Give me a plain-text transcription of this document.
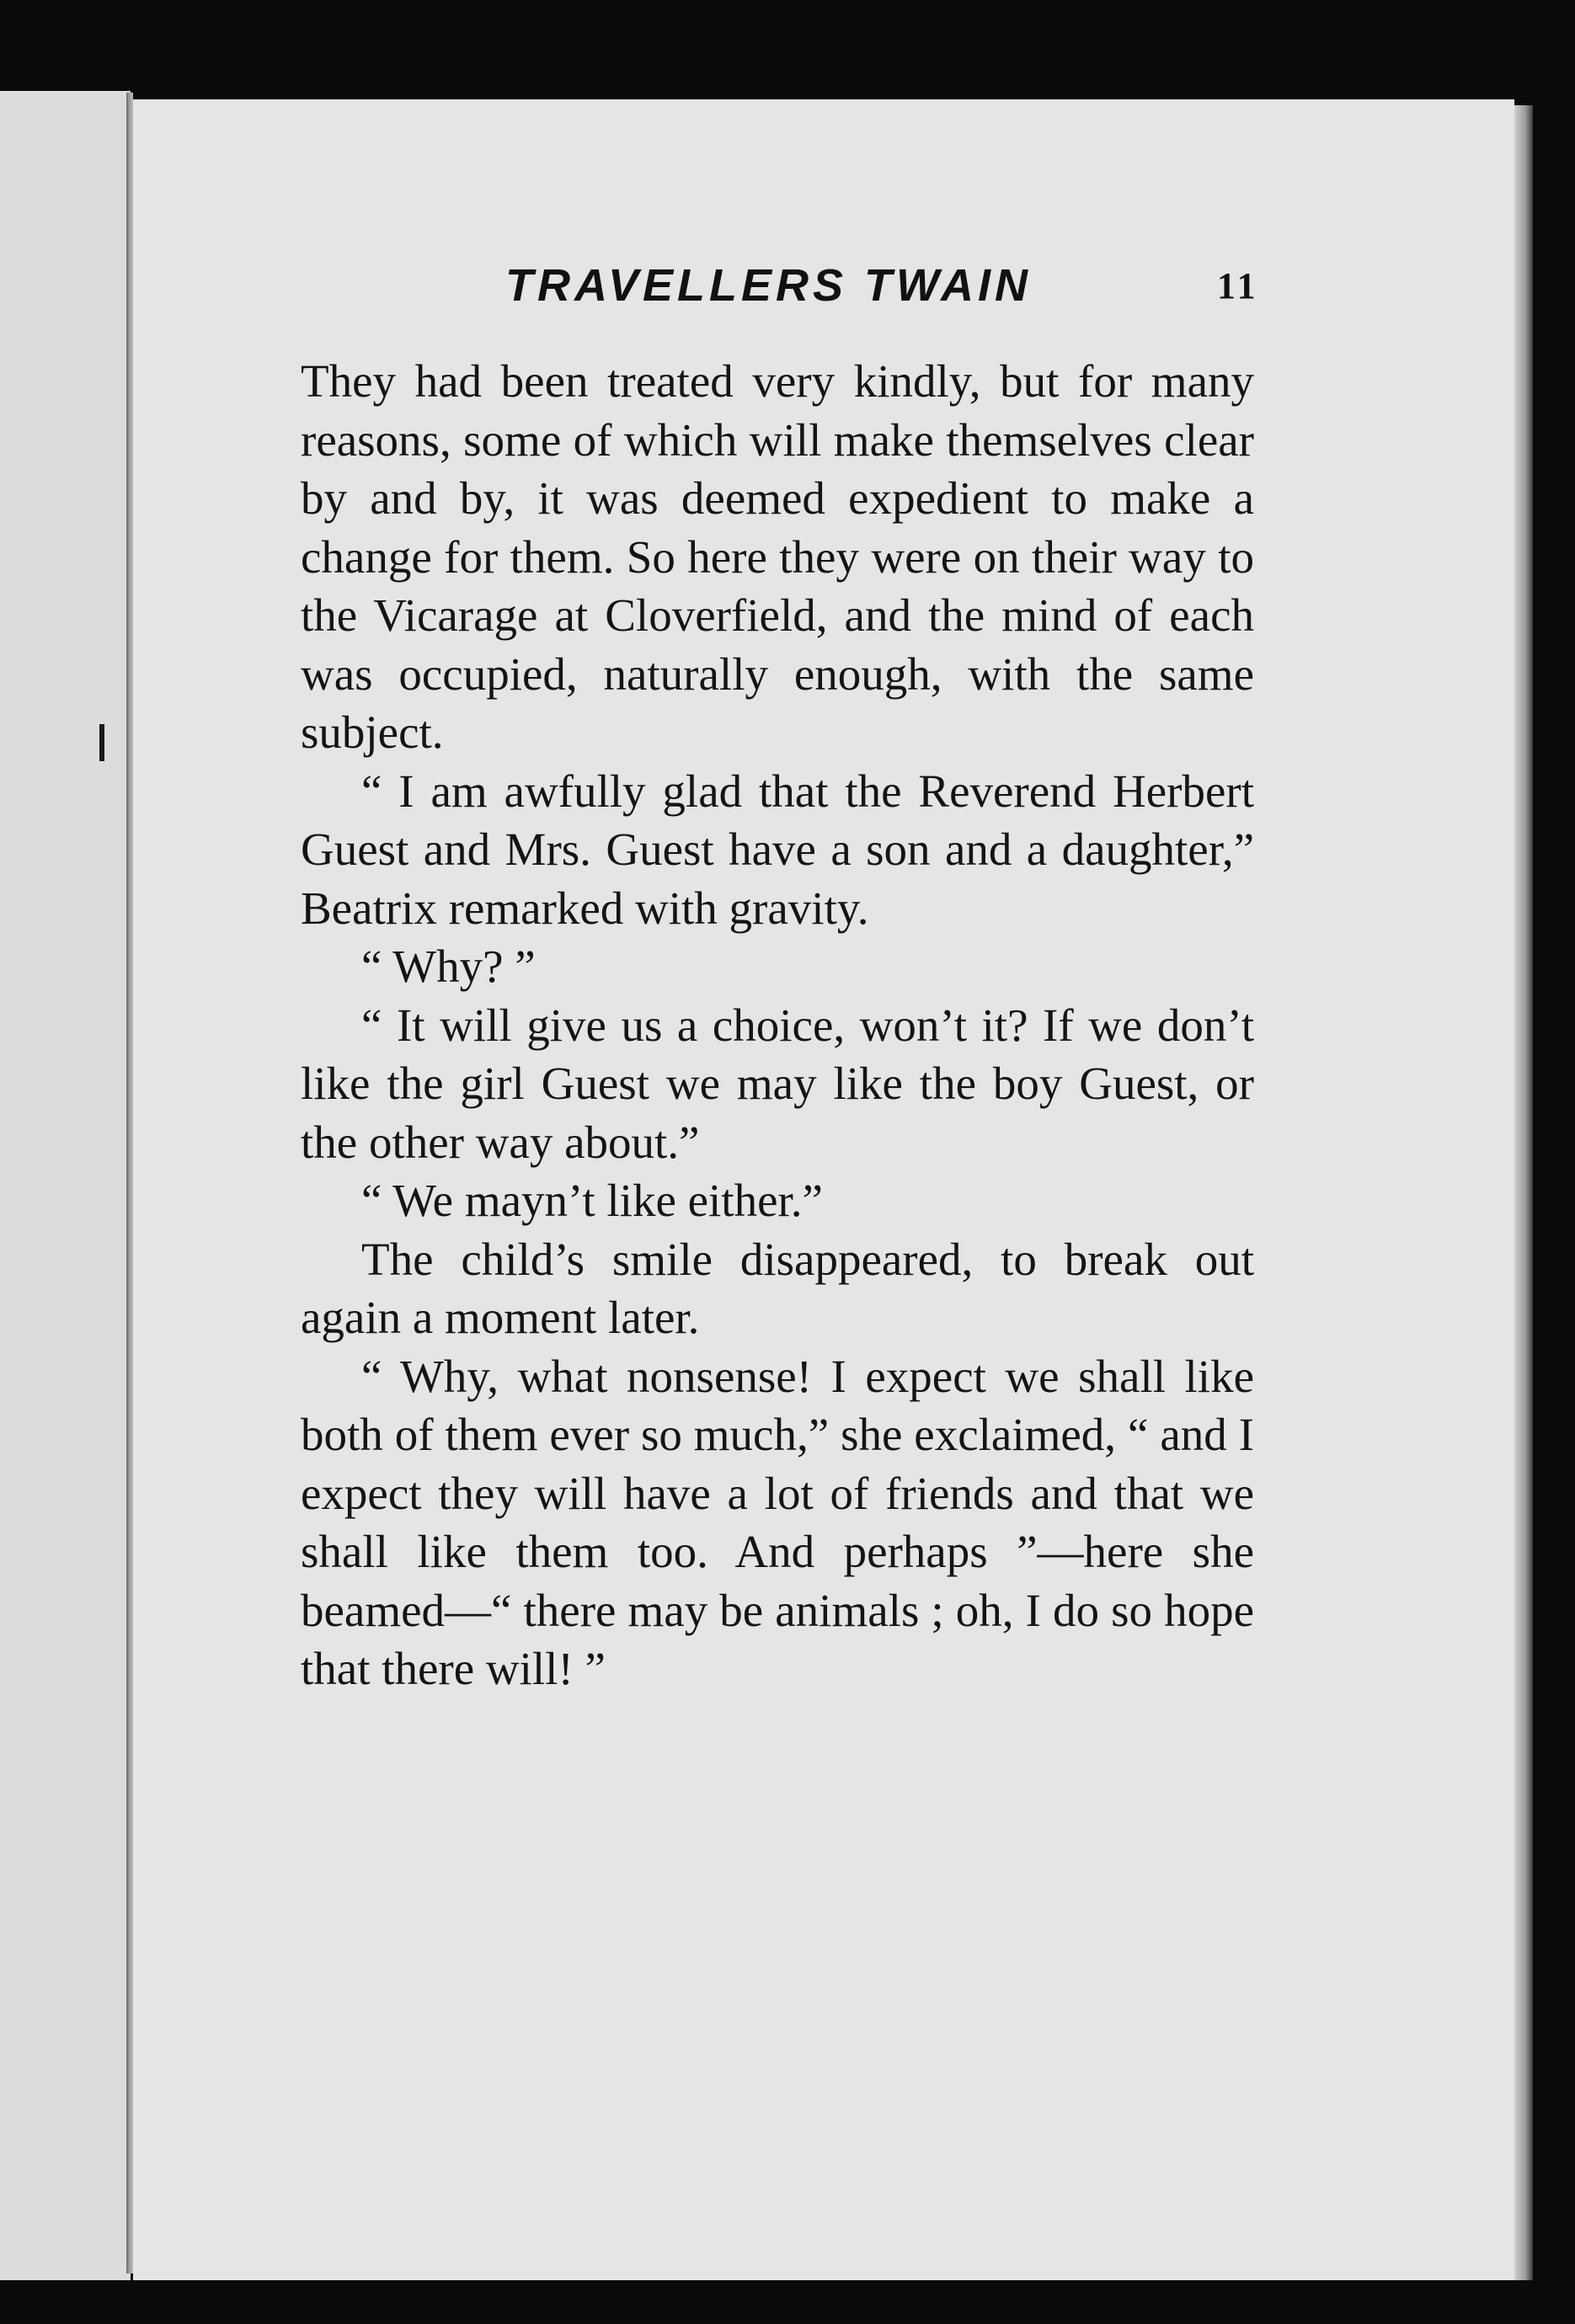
TRAVELLERS TWAIN	11

They had been treated very kindly, but for many reasons, some of which will make themselves clear by and by, it was deemed expedient to make a change for them. So here they were on their way to the Vicarage at Cloverfield, and the mind of each was occupied, naturally enough, with the same subject.

“ I am awfully glad that the Reverend Herbert Guest and Mrs. Guest have a son and a daughter,” Beatrix remarked with gravity.

“ Why? ”

“ It will give us a choice, won’t it? If we don’t like the girl Guest we may like the boy Guest, or the other way about.”

“ We mayn’t like either.”

The child’s smile disappeared, to break out again a moment later.

“ Why, what nonsense! I expect we shall like both of them ever so much,” she exclaimed, “ and I expect they will have a lot of friends and that we shall like them too. And perhaps ”—here she beamed—“ there may be animals ; oh, I do so hope that there will! ”
